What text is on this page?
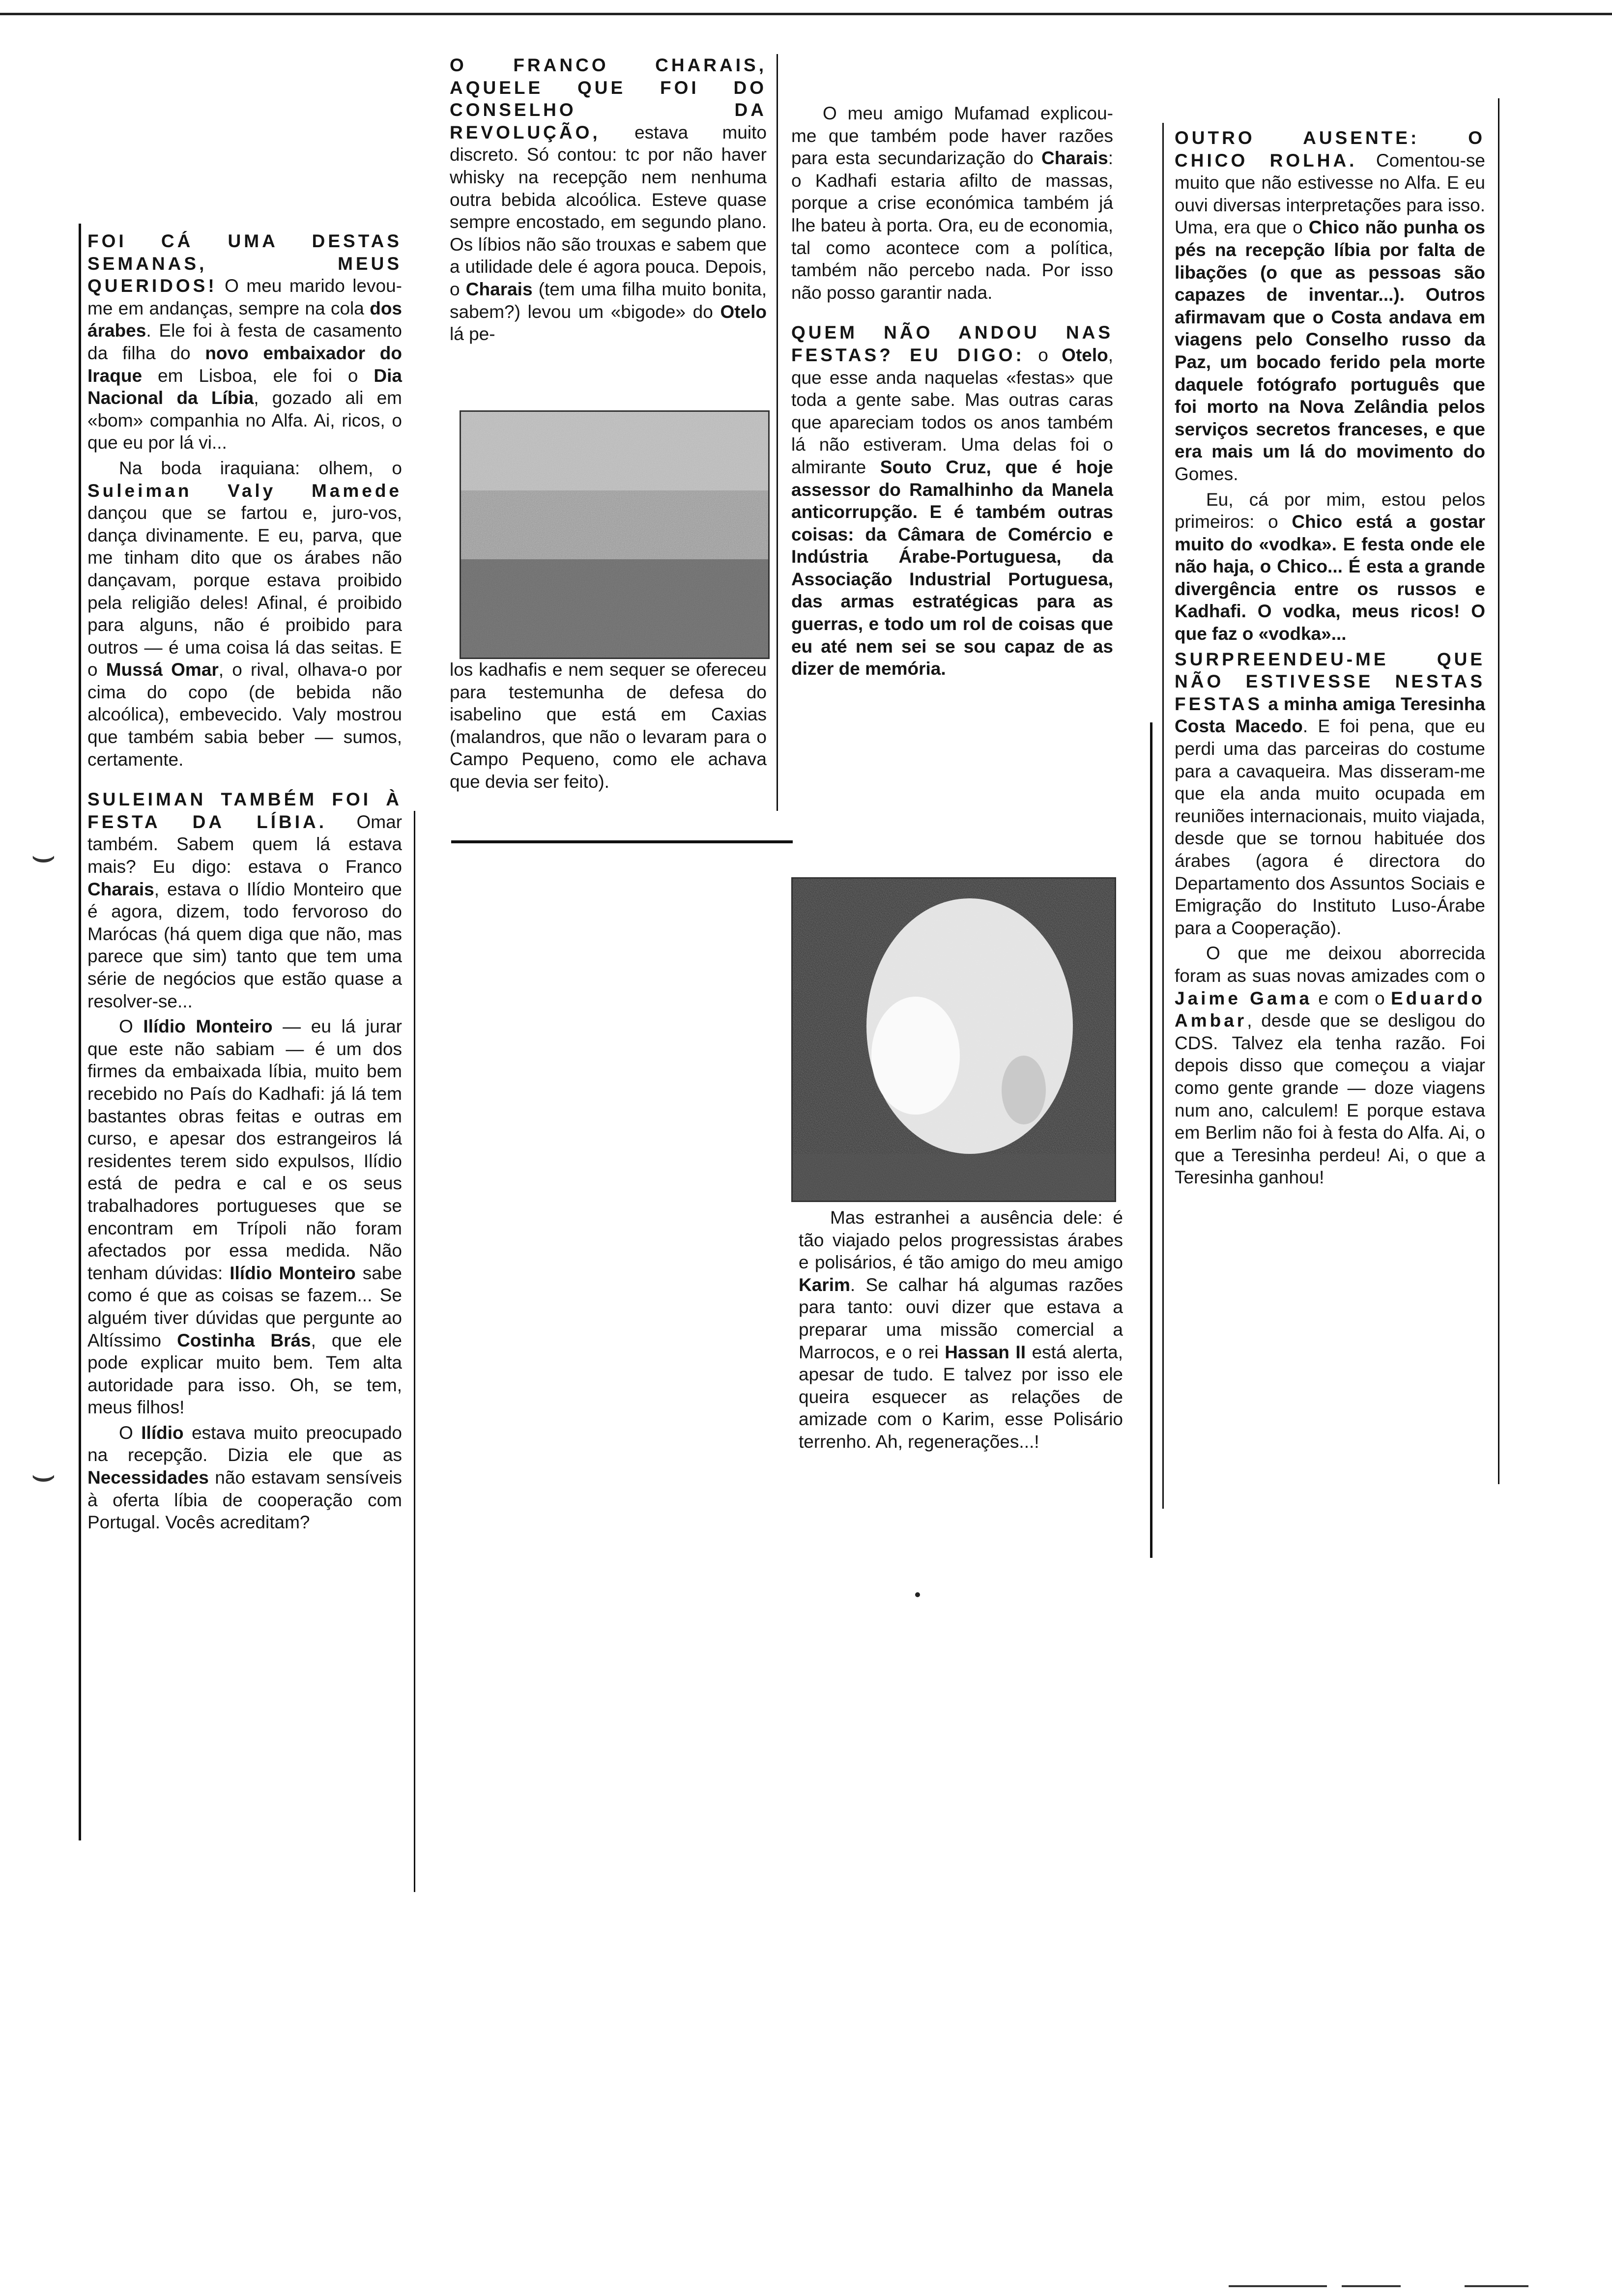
FOI CÁ UMA DESTAS SEMANAS, MEUS QUERIDOS! O meu marido levou-me em andanças, sempre na cola dos árabes. Ele foi à festa de casamento da filha do novo embaixador do Iraque em Lisboa, ele foi o Dia Nacional da Líbia, gozado ali em «bom» companhia no Alfa. Ai, ricos, o que eu por lá vi...

Na boda iraquiana: olhem, o Suleiman Valy Mamede dançou que se fartou e, juro-vos, dança divinamente. E eu, parva, que me tinham dito que os árabes não dançavam, porque estava proibido pela religião deles! Afinal, é proibido para alguns, não é proibido para outros — é uma coisa lá das seitas. E o Mussá Omar, o rival, olhava-o por cima do copo (de bebida não alcoólica), embevecido. Valy mostrou que também sabia beber — sumos, certamente.

SULEIMAN TAMBÉM FOI À FESTA DA LÍBIA. Omar também. Sabem quem lá estava mais? Eu digo: estava o Franco Charais, estava o Ilídio Monteiro que é agora, dizem, todo fervoroso do Marócas (há quem diga que não, mas parece que sim) tanto que tem uma série de negócios que estão quase a resolver-se...

O Ilídio Monteiro — eu lá jurar que este não sabiam — é um dos firmes da embaixada líbia, muito bem recebido no País do Kadhafi: já lá tem bastantes obras feitas e outras em curso, e apesar dos estrangeiros lá residentes terem sido expulsos, Ilídio está de pedra e cal e os seus trabalhadores portugueses que se encontram em Trípoli não foram afectados por essa medida. Não tenham dúvidas: Ilídio Monteiro sabe como é que as coisas se fazem... Se alguém tiver dúvidas que pergunte ao Altíssimo Costinha Brás, que ele pode explicar muito bem. Tem alta autoridade para isso. Oh, se tem, meus filhos!

O Ilídio estava muito preocupado na recepção. Dizia ele que as Necessidades não estavam sensíveis à oferta líbia de cooperação com Portugal. Vocês acreditam?

O FRANCO CHARAIS, AQUELE QUE FOI DO CONSELHO DA REVOLUÇÃO, estava muito discreto. Só contou: tc por não haver whisky na recepção nem nenhuma outra bebida alcoólica. Esteve quase sempre encostado, em segundo plano. Os líbios não são trouxas e sabem que a utilidade dele é agora pouca. Depois, o Charais (tem uma filha muito bonita, sabem?) levou um «bigode» do Otelo lá pe-

los kadhafis e nem sequer se ofereceu para testemunha de defesa do isabelino que está em Caxias (malandros, que não o levaram para o Campo Pequeno, como ele achava que devia ser feito).

O meu amigo Mufamad explicou-me que também pode haver razões para esta secundarização do Charais: o Kadhafi estaria afilto de massas, porque a crise económica também já lhe bateu à porta. Ora, eu de economia, tal como acontece com a política, também não percebo nada. Por isso não posso garantir nada.

QUEM NÃO ANDOU NAS FESTAS? EU DIGO: o Otelo, que esse anda naquelas «festas» que toda a gente sabe. Mas outras caras que apareciam todos os anos também lá não estiveram. Uma delas foi o almirante Souto Cruz, que é hoje assessor do Ramalhinho da Manela anticorrupção. E é também outras coisas: da Câmara de Comércio e Indústria Árabe-Portuguesa, da Associação Industrial Portuguesa, das armas estratégicas para as guerras, e todo um rol de coisas que eu até nem sei se sou capaz de as dizer de memória.

Mas estranhei a ausência dele: é tão viajado pelos progressistas árabes e polisários, é tão amigo do meu amigo Karim. Se calhar há algumas razões para tanto: ouvi dizer que estava a preparar uma missão comercial a Marrocos, e o rei Hassan II está alerta, apesar de tudo. E talvez por isso ele queira esquecer as relações de amizade com o Karim, esse Polisário terrenho. Ah, regenerações...!

OUTRO AUSENTE: O CHICO ROLHA. Comentou-se muito que não estivesse no Alfa. E eu ouvi diversas interpretações para isso. Uma, era que o Chico não punha os pés na recepção líbia por falta de libações (o que as pessoas são capazes de inventar...). Outros afirmavam que o Costa andava em viagens pelo Conselho russo da Paz, um bocado ferido pela morte daquele fotógrafo português que foi morto na Nova Zelândia pelos serviços secretos franceses, e que era mais um lá do movimento do Gomes.

Eu, cá por mim, estou pelos primeiros: o Chico está a gostar muito do «vodka». E festa onde ele não haja, o Chico... É esta a grande divergência entre os russos e Kadhafi. O vodka, meus ricos! O que faz o «vodka»...

SURPREENDEU-ME QUE NÃO ESTIVESSE NESTAS FESTAS a minha amiga Teresinha Costa Macedo. E foi pena, que eu perdi uma das parceiras do costume para a cavaqueira. Mas disseram-me que ela anda muito ocupada em reuniões internacionais, muito viajada, desde que se tornou habituée dos árabes (agora é directora do Departamento dos Assuntos Sociais e Emigração do Instituto Luso-Árabe para a Cooperação).

O que me deixou aborrecida foram as suas novas amizades com o Jaime Gama e com o Eduardo Ambar, desde que se desligou do CDS. Talvez ela tenha razão. Foi depois disso que começou a viajar como gente grande — doze viagens num ano, calculem! E porque estava em Berlim não foi à festa do Alfa. Ai, o que a Teresinha perdeu! Ai, o que a Teresinha ganhou!

⌣
⌣
